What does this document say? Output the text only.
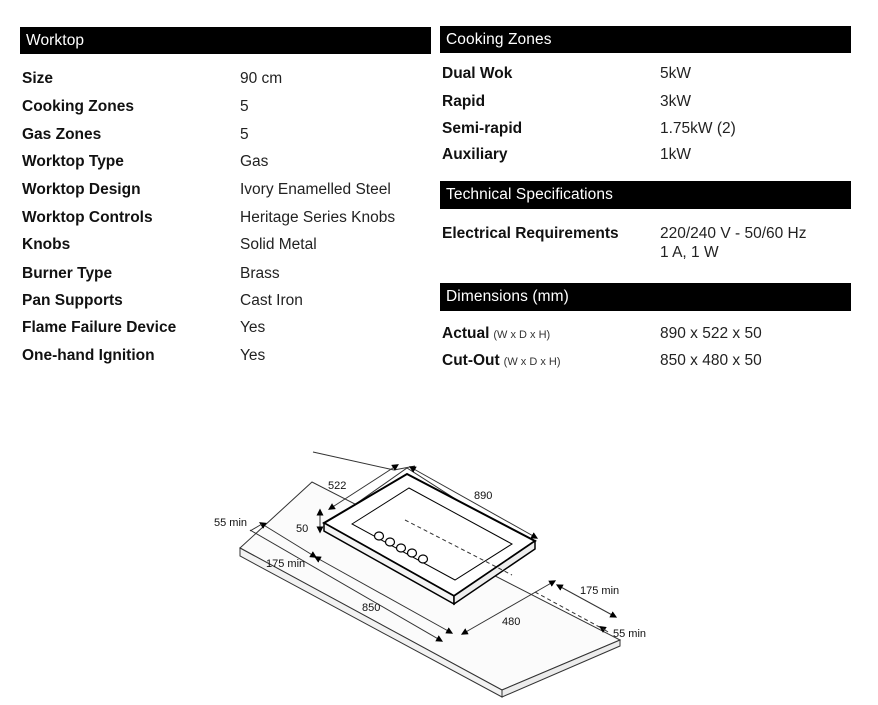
Worktop
Size	90 cm
Cooking Zones	5
Gas Zones	5
Worktop Type	Gas
Worktop Design	Ivory Enamelled Steel
Worktop Controls	Heritage Series Knobs
Knobs	Solid Metal
Burner Type	Brass
Pan Supports	Cast Iron
Flame Failure Device	Yes
One-hand Ignition	Yes
Cooking Zones
Dual Wok	5kW
Rapid	3kW
Semi-rapid	1.75kW (2)
Auxiliary	1kW
Technical Specifications
Electrical Requirements	220/240 V - 50/60 Hz
1 A, 1 W
Dimensions (mm)
Actual (W x D x H)	890 x 522 x 50
Cut-Out (W x D x H)	850 x 480 x 50
522
890
50
55 min
175 min
850
480
175 min
55 min
